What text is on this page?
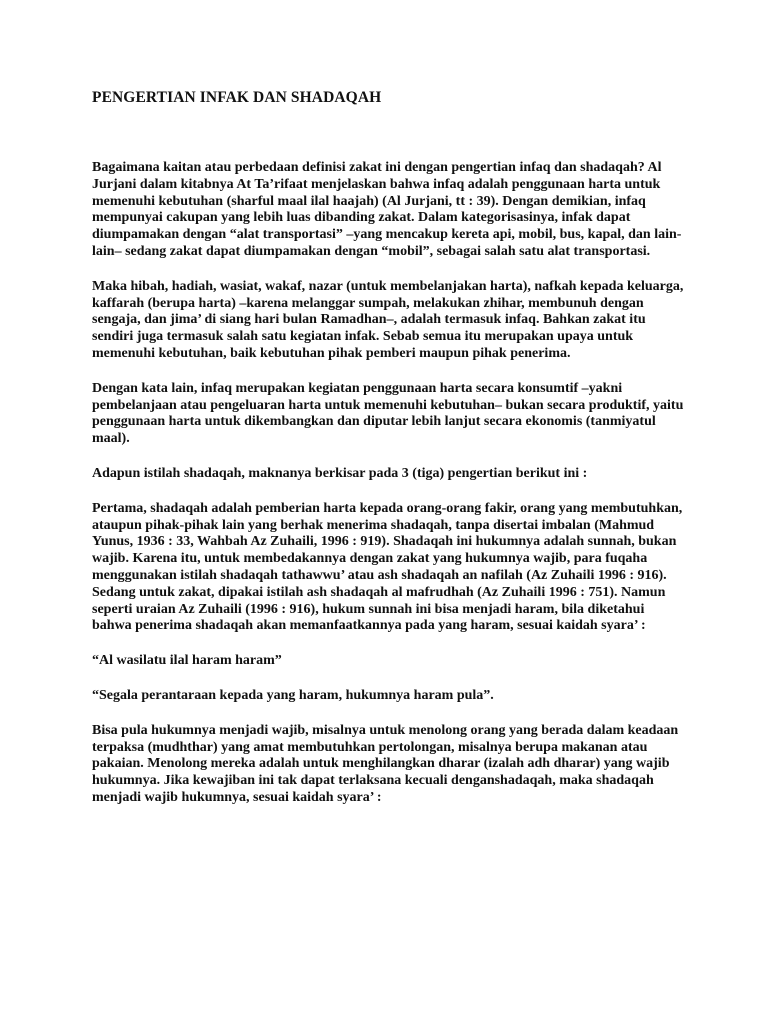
PENGERTIAN INFAK DAN SHADAQAH

Bagaimana kaitan atau perbedaan definisi zakat ini dengan pengertian infaq dan shadaqah? Al Jurjani dalam kitabnya At Ta’rifaat menjelaskan bahwa infaq adalah penggunaan harta untuk memenuhi kebutuhan (sharful maal ilal haajah) (Al Jurjani, tt : 39). Dengan demikian, infaq mempunyai cakupan yang lebih luas dibanding zakat. Dalam kategorisasinya, infak dapat diumpamakan dengan “alat transportasi” –yang mencakup kereta api, mobil, bus, kapal, dan lain-lain– sedang zakat dapat diumpamakan dengan “mobil”, sebagai salah satu alat transportasi.

Maka hibah, hadiah, wasiat, wakaf, nazar (untuk membelanjakan harta), nafkah kepada keluarga, kaffarah (berupa harta) –karena melanggar sumpah, melakukan zhihar, membunuh dengan sengaja, dan jima’ di siang hari bulan Ramadhan–, adalah termasuk infaq. Bahkan zakat itu sendiri juga termasuk salah satu kegiatan infak. Sebab semua itu merupakan upaya untuk memenuhi kebutuhan, baik kebutuhan pihak pemberi maupun pihak penerima.

Dengan kata lain, infaq merupakan kegiatan penggunaan harta secara konsumtif –yakni pembelanjaan atau pengeluaran harta untuk memenuhi kebutuhan– bukan secara produktif, yaitu penggunaan harta untuk dikembangkan dan diputar lebih lanjut secara ekonomis (tanmiyatul maal).

Adapun istilah shadaqah, maknanya berkisar pada 3 (tiga) pengertian berikut ini :

Pertama, shadaqah adalah pemberian harta kepada orang-orang fakir, orang yang membutuhkan, ataupun pihak-pihak lain yang berhak menerima shadaqah, tanpa disertai imbalan (Mahmud Yunus, 1936 : 33, Wahbah Az Zuhaili, 1996 : 919). Shadaqah ini hukumnya adalah sunnah, bukan wajib. Karena itu, untuk membedakannya dengan zakat yang hukumnya wajib, para fuqaha menggunakan istilah shadaqah tathawwu’ atau ash shadaqah an nafilah (Az Zuhaili 1996 : 916). Sedang untuk zakat, dipakai istilah ash shadaqah al mafrudhah (Az Zuhaili 1996 : 751). Namun seperti uraian Az Zuhaili (1996 : 916), hukum sunnah ini bisa menjadi haram, bila diketahui bahwa penerima shadaqah akan memanfaatkannya pada yang haram, sesuai kaidah syara’ :

“Al wasilatu ilal haram haram”

“Segala perantaraan kepada yang haram, hukumnya haram pula”.

Bisa pula hukumnya menjadi wajib, misalnya untuk menolong orang yang berada dalam keadaan terpaksa (mudhthar) yang amat membutuhkan pertolongan, misalnya berupa makanan atau pakaian. Menolong mereka adalah untuk menghilangkan dharar (izalah adh dharar) yang wajib hukumnya. Jika kewajiban ini tak dapat terlaksana kecuali denganshadaqah, maka shadaqah menjadi wajib hukumnya, sesuai kaidah syara’ :
